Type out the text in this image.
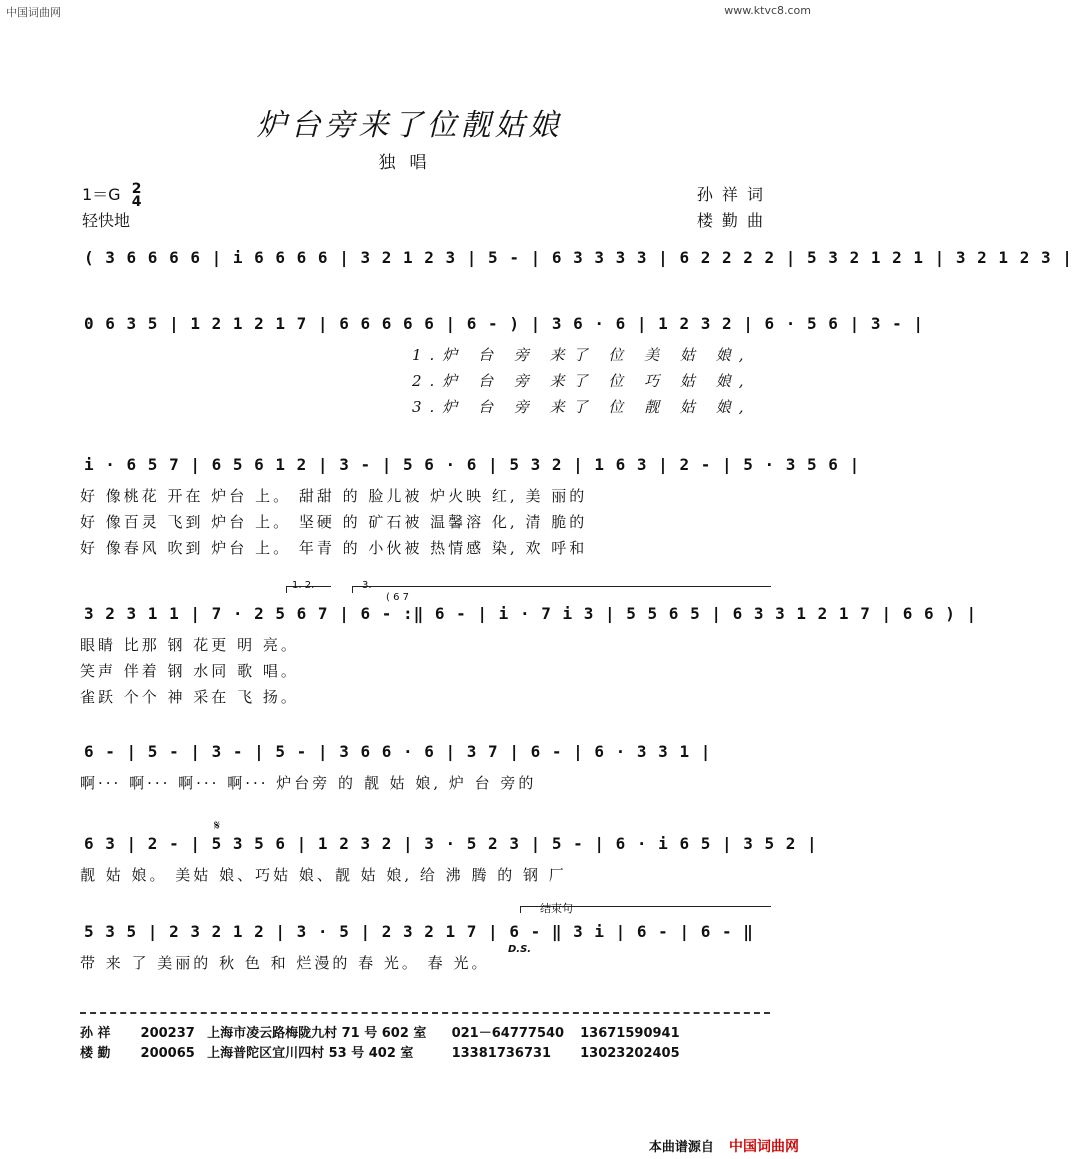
中国词曲网	www.ktvc8.com
炉台旁来了位靓姑娘
独唱
1＝G 2
4
轻快地
孙 祥 词
楼 勤 曲
( 3 6 6 6 6 | i 6 6 6 6 | 3 2 1 2 3 | 5 - | 6 3 3 3 3 | 6 2 2 2 2 | 5 3 2 1 2 1 | 3 2 1 2 3 |
0 6 3 5 | 1 2 1 2 1 7 | 6 6 6 6 6 | 6 - ) | 3 6 · 6 | 1 2 3 2 | 6 · 5 6 | 3 - |
1.炉 台 旁 来了 位 美 姑 娘,
2.炉 台 旁 来了 位 巧 姑 娘,
3.炉 台 旁 来了 位 靓 姑 娘,
i · 6 5 7 | 6 5 6 1 2 | 3 - | 5 6 · 6 | 5 3 2 | 1 6 3 | 2 - | 5 · 3 5 6 |
好 像桃花 开在 炉台 上。 甜甜 的 脸儿被 炉火映 红, 美 丽的
好 像百灵 飞到 炉台 上。 坚硬 的 矿石被 温馨溶 化, 清 脆的
好 像春风 吹到 炉台 上。 年青 的 小伙被 热情感 染, 欢 呼和
1. 2.	3.
( 6 7
3 2 3 1 1 | 7 · 2 5 6 7 | 6 - :‖ 6 - | i · 7 i 3 | 5 5 6 5 | 6 3 3 1 2 1 7 | 6 6 ) |
眼睛 比那 钢 花更 明 亮。
笑声 伴着 钢 水同 歌 唱。
雀跃 个个 神 采在 飞 扬。
6 - | 5 - | 3 - | 5 - | 3 6 6 · 6 | 3 7 | 6 - | 6 · 3 3 1 |
啊··· 啊··· 啊··· 啊··· 炉台旁 的 靓 姑 娘, 炉 台 旁的
𝄋
6 3 | 2 - | 5 3 5 6 | 1 2 3 2 | 3 · 5 2 3 | 5 - | 6 · i 6 5 | 3 5 2 |
靓 姑 娘。 美姑 娘、巧姑 娘、靓 姑 娘, 给 沸 腾 的 钢 厂
结束句
D.S.
5 3 5 | 2 3 2 1 2 | 3 · 5 | 2 3 2 1 7 | 6 - ‖ 3 i | 6 - | 6 - ‖
带 来 了 美丽的 秋 色 和 烂漫的 春 光。 春 光。
孙 祥 200237 上海市凌云路梅陇九村 71 号 602 室 021－64777540 13671590941
楼 勤 200065 上海普陀区宜川四村 53 号 402 室	13381736731 13023202405
本曲谱源自 中国词曲网
